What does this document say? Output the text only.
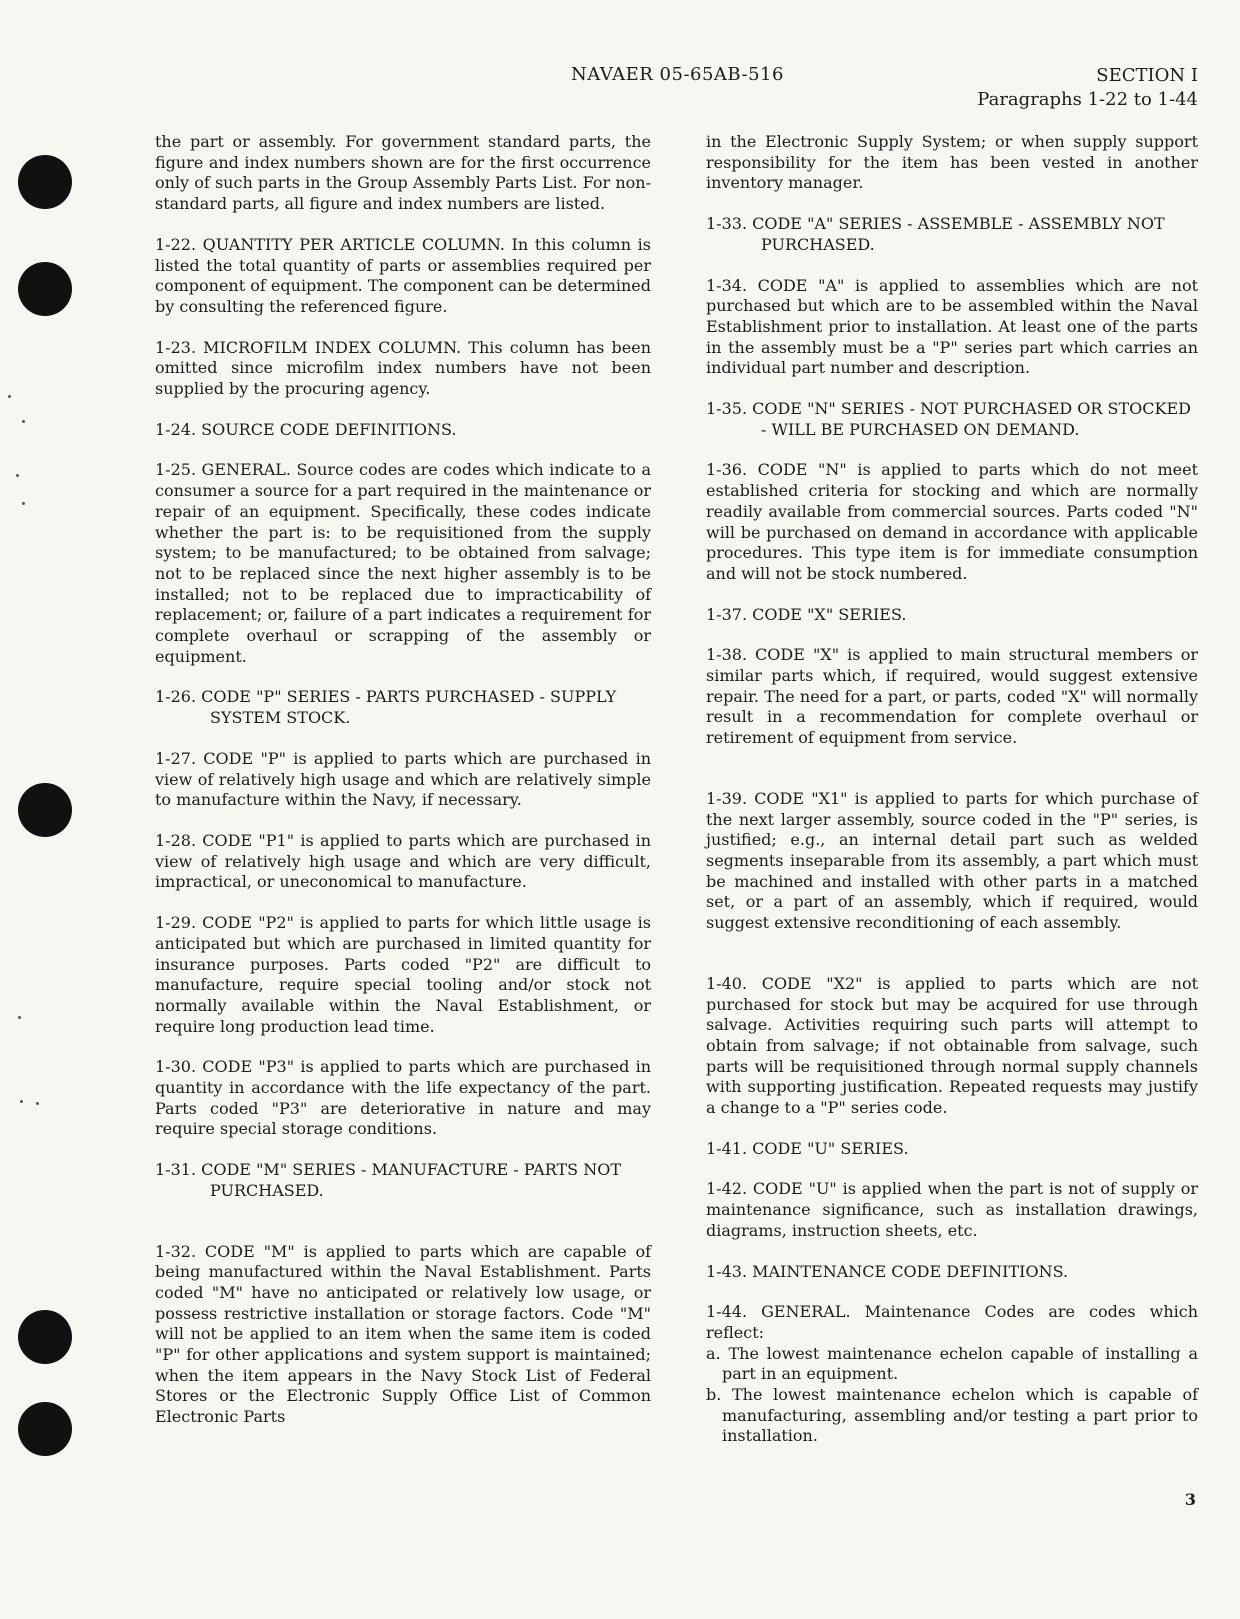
NAVAER 05-65AB-516	SECTION I
Paragraphs 1-22 to 1-44

the part or assembly. For government standard parts, the figure and index numbers shown are for the first occurrence only of such parts in the Group Assembly Parts List. For non-standard parts, all figure and index numbers are listed.

1-22. QUANTITY PER ARTICLE COLUMN. In this column is listed the total quantity of parts or assemblies required per component of equipment. The component can be determined by consulting the referenced figure.

1-23. MICROFILM INDEX COLUMN. This column has been omitted since microfilm index numbers have not been supplied by the procuring agency.

1-24. SOURCE CODE DEFINITIONS.

1-25. GENERAL. Source codes are codes which indicate to a consumer a source for a part required in the maintenance or repair of an equipment. Specifically, these codes indicate whether the part is: to be requisitioned from the supply system; to be manufactured; to be obtained from salvage; not to be replaced since the next higher assembly is to be installed; not to be replaced due to impracticability of replacement; or, failure of a part indicates a requirement for complete overhaul or scrapping of the assembly or equipment.

1-26. CODE "P" SERIES - PARTS PURCHASED - SUPPLY SYSTEM STOCK.

1-27. CODE "P" is applied to parts which are purchased in view of relatively high usage and which are relatively simple to manufacture within the Navy, if necessary.

1-28. CODE "P1" is applied to parts which are purchased in view of relatively high usage and which are very difficult, impractical, or uneconomical to manufacture.

1-29. CODE "P2" is applied to parts for which little usage is anticipated but which are purchased in limited quantity for insurance purposes. Parts coded "P2" are difficult to manufacture, require special tooling and/or stock not normally available within the Naval Establishment, or require long production lead time.

1-30. CODE "P3" is applied to parts which are purchased in quantity in accordance with the life expectancy of the part. Parts coded "P3" are deteriorative in nature and may require special storage conditions.

1-31. CODE "M" SERIES - MANUFACTURE - PARTS NOT PURCHASED.

1-32. CODE "M" is applied to parts which are capable of being manufactured within the Naval Establishment. Parts coded "M" have no anticipated or relatively low usage, or possess restrictive installation or storage factors. Code "M" will not be applied to an item when the same item is coded "P" for other applications and system support is maintained; when the item appears in the Navy Stock List of Federal Stores or the Electronic Supply Office List of Common Electronic Parts

in the Electronic Supply System; or when supply support responsibility for the item has been vested in another inventory manager.

1-33. CODE "A" SERIES - ASSEMBLE - ASSEMBLY NOT PURCHASED.

1-34. CODE "A" is applied to assemblies which are not purchased but which are to be assembled within the Naval Establishment prior to installation. At least one of the parts in the assembly must be a "P" series part which carries an individual part number and description.

1-35. CODE "N" SERIES - NOT PURCHASED OR STOCKED - WILL BE PURCHASED ON DEMAND.

1-36. CODE "N" is applied to parts which do not meet established criteria for stocking and which are normally readily available from commercial sources. Parts coded "N" will be purchased on demand in accordance with applicable procedures. This type item is for immediate consumption and will not be stock numbered.

1-37. CODE "X" SERIES.

1-38. CODE "X" is applied to main structural members or similar parts which, if required, would suggest extensive repair. The need for a part, or parts, coded "X" will normally result in a recommendation for complete overhaul or retirement of equipment from service.

1-39. CODE "X1" is applied to parts for which purchase of the next larger assembly, source coded in the "P" series, is justified; e.g., an internal detail part such as welded segments inseparable from its assembly, a part which must be machined and installed with other parts in a matched set, or a part of an assembly, which if required, would suggest extensive reconditioning of each assembly.

1-40. CODE "X2" is applied to parts which are not purchased for stock but may be acquired for use through salvage. Activities requiring such parts will attempt to obtain from salvage; if not obtainable from salvage, such parts will be requisitioned through normal supply channels with supporting justification. Repeated requests may justify a change to a "P" series code.

1-41. CODE "U" SERIES.

1-42. CODE "U" is applied when the part is not of supply or maintenance significance, such as installation drawings, diagrams, instruction sheets, etc.

1-43. MAINTENANCE CODE DEFINITIONS.

1-44. GENERAL. Maintenance Codes are codes which reflect:

a. The lowest maintenance echelon capable of installing a part in an equipment.

b. The lowest maintenance echelon which is capable of manufacturing, assembling and/or testing a part prior to installation.

3
